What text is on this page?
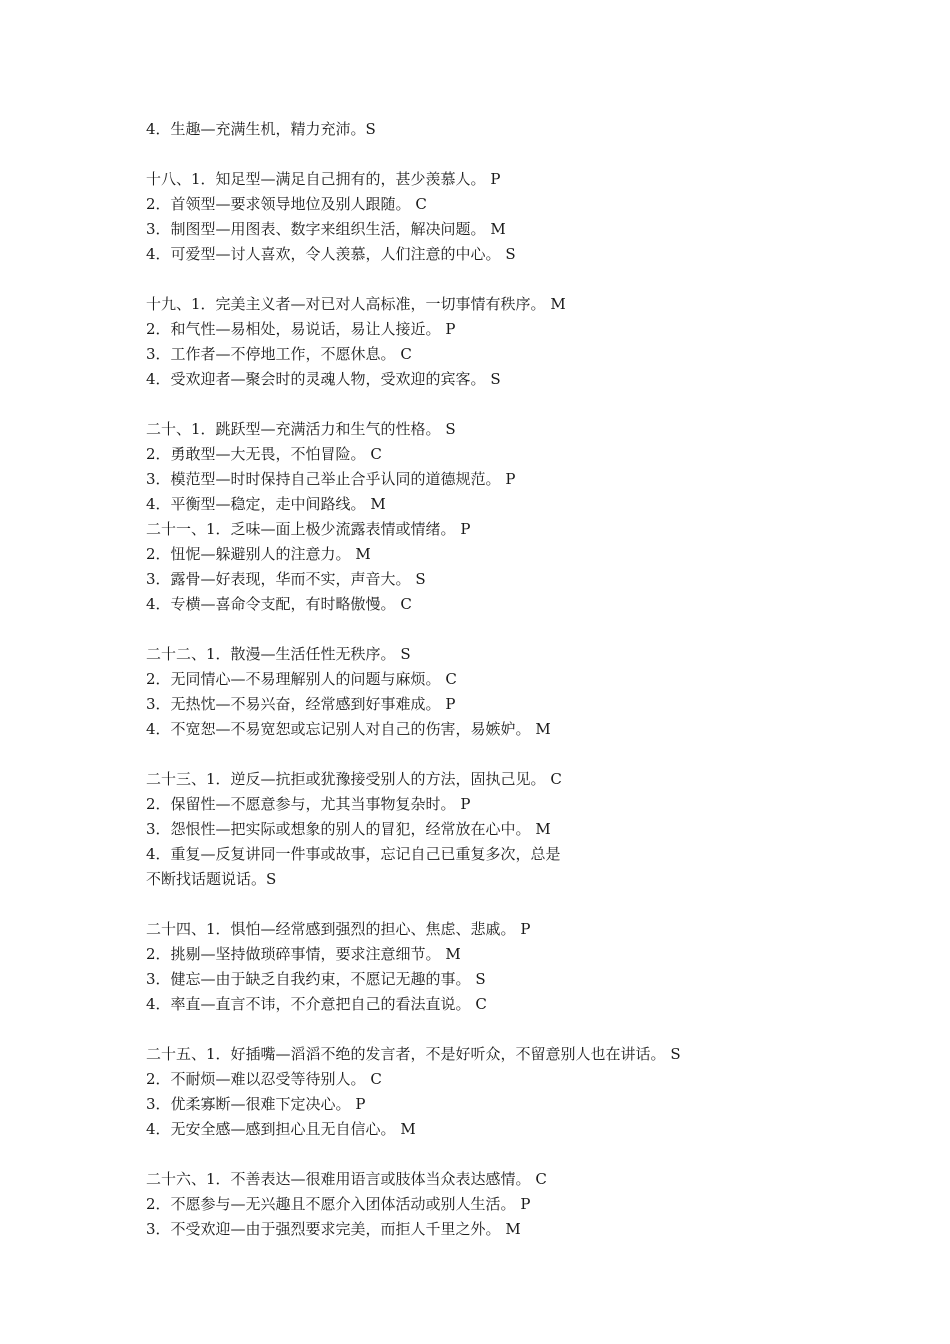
4．生趣—充满生机，精力充沛。S
十八、1．知足型—满足自己拥有的，甚少羡慕人。 P
2．首领型—要求领导地位及别人跟随。 C
3．制图型—用图表、数字来组织生活，解决问题。 M
4．可爱型—讨人喜欢，令人羡慕，人们注意的中心。 S
十九、1．完美主义者—对已对人高标准，一切事情有秩序。 M
2．和气性—易相处，易说话，易让人接近。 P
3．工作者—不停地工作，不愿休息。 C
4．受欢迎者—聚会时的灵魂人物，受欢迎的宾客。 S
二十、1．跳跃型—充满活力和生气的性格。 S
2．勇敢型—大无畏，不怕冒险。 C
3．模范型—时时保持自己举止合乎认同的道德规范。 P
4．平衡型—稳定，走中间路线。 M
二十一、1．乏味—面上极少流露表情或情绪。 P
2．忸怩—躲避别人的注意力。 M
3．露骨—好表现，华而不实，声音大。 S
4．专横—喜命令支配，有时略傲慢。 C
二十二、1．散漫—生活任性无秩序。 S
2．无同情心—不易理解别人的问题与麻烦。 C
3．无热忱—不易兴奋，经常感到好事难成。 P
4．不宽恕—不易宽恕或忘记别人对自己的伤害，易嫉妒。 M
二十三、1．逆反—抗拒或犹豫接受别人的方法，固执己见。 C
2．保留性—不愿意参与，尤其当事物复杂时。 P
3．怨恨性—把实际或想象的别人的冒犯，经常放在心中。 M
4．重复—反复讲同一件事或故事，忘记自己已重复多次，总是
不断找话题说话。S
二十四、1．惧怕—经常感到强烈的担心、焦虑、悲戚。 P
2．挑剔—坚持做琐碎事情，要求注意细节。 M
3．健忘—由于缺乏自我约束，不愿记无趣的事。 S
4．率直—直言不讳，不介意把自己的看法直说。 C
二十五、1．好插嘴—滔滔不绝的发言者，不是好听众，不留意别人也在讲话。 S
2．不耐烦—难以忍受等待别人。 C
3．优柔寡断—很难下定决心。 P
4．无安全感—感到担心且无自信心。 M
二十六、1．不善表达—很难用语言或肢体当众表达感情。 C
2．不愿参与—无兴趣且不愿介入团体活动或别人生活。 P
3．不受欢迎—由于强烈要求完美，而拒人千里之外。 M
